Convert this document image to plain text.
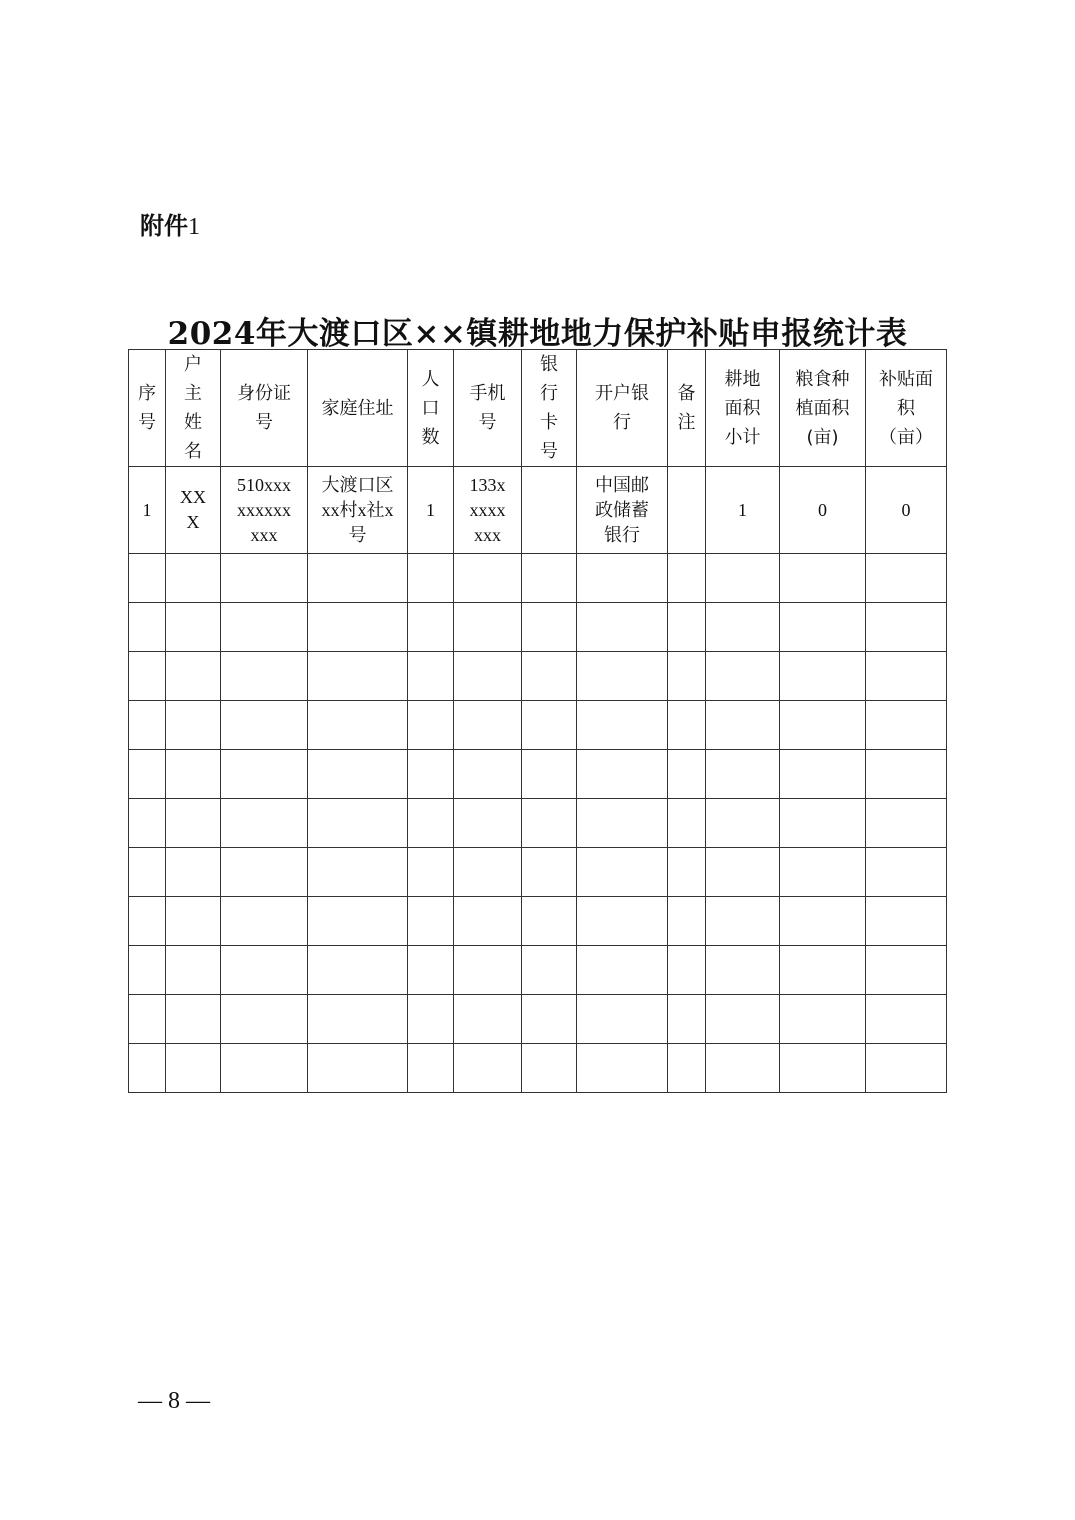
附件1
2024年大渡口区××镇耕地地力保护补贴申报统计表
序
号	户
主
姓
名	身份证
号	家庭住址	人
口
数	手机
号	银
行
卡
号	开户银
行	备
注	耕地
面积
小计	粮食种
植面积
(亩)	补贴面
积
（亩）
1	XX
X	510xxx
xxxxxx
xxx	大渡口区
xx村x社x
号	1	133x
xxxx
xxx		中国邮
政储蓄
银行		1	0	0

— 8 —
